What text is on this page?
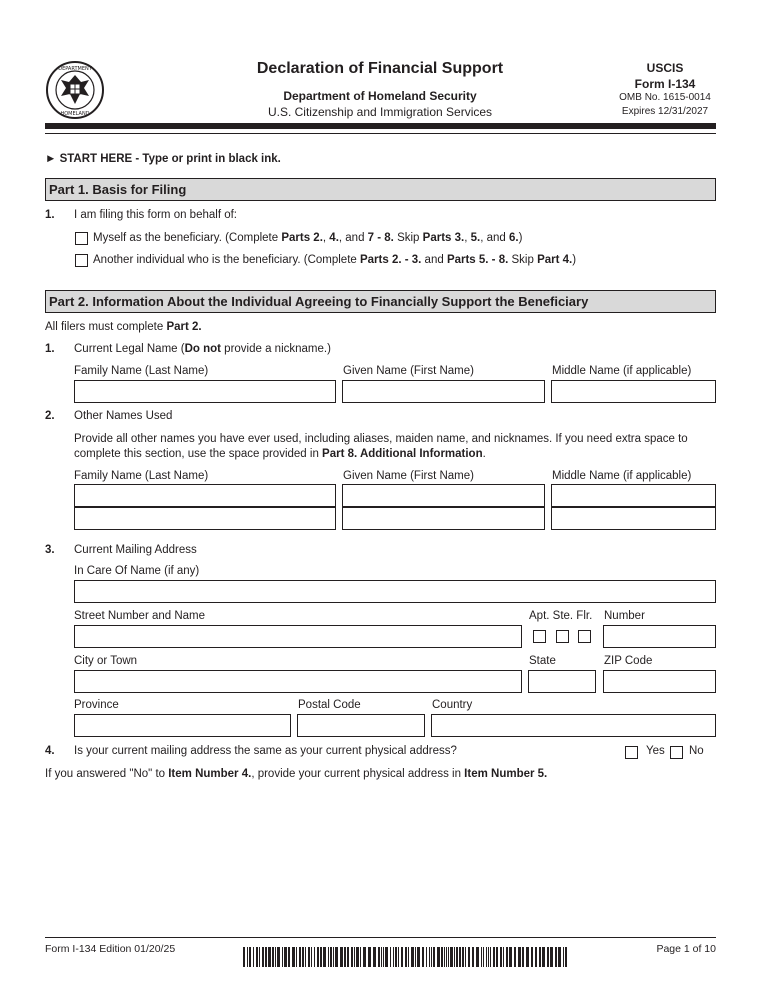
DEPARTMENT
HOMELAND
Declaration of Financial Support
Department of Homeland Security
U.S. Citizenship and Immigration Services
USCIS
Form I-134
OMB No. 1615-0014
Expires 12/31/2027
► START HERE - Type or print in black ink.
Part 1. Basis for Filing
1. I am filing this form on behalf of:
Myself as the beneficiary. (Complete Parts 2., 4., and 7 - 8. Skip Parts 3., 5., and 6.)
Another individual who is the beneficiary. (Complete Parts 2. - 3. and Parts 5. - 8. Skip Part 4.)
Part 2. Information About the Individual Agreeing to Financially Support the Beneficiary
All filers must complete Part 2.
1. Current Legal Name (Do not provide a nickname.)
Family Name (Last Name)	Given Name (First Name)	Middle Name (if applicable)
2. Other Names Used
Provide all other names you have ever used, including aliases, maiden name, and nicknames. If you need extra space to complete this section, use the space provided in Part 8. Additional Information.
Family Name (Last Name)	Given Name (First Name)	Middle Name (if applicable)
3. Current Mailing Address
In Care Of Name (if any)
Street Number and Name	Apt. Ste. Flr. Number
City or Town	State	ZIP Code
Province	Postal Code	Country
4. Is your current mailing address the same as your current physical address?	Yes No
If you answered "No" to Item Number 4., provide your current physical address in Item Number 5.
Form I-134 Edition 01/20/25	Page 1 of 10
